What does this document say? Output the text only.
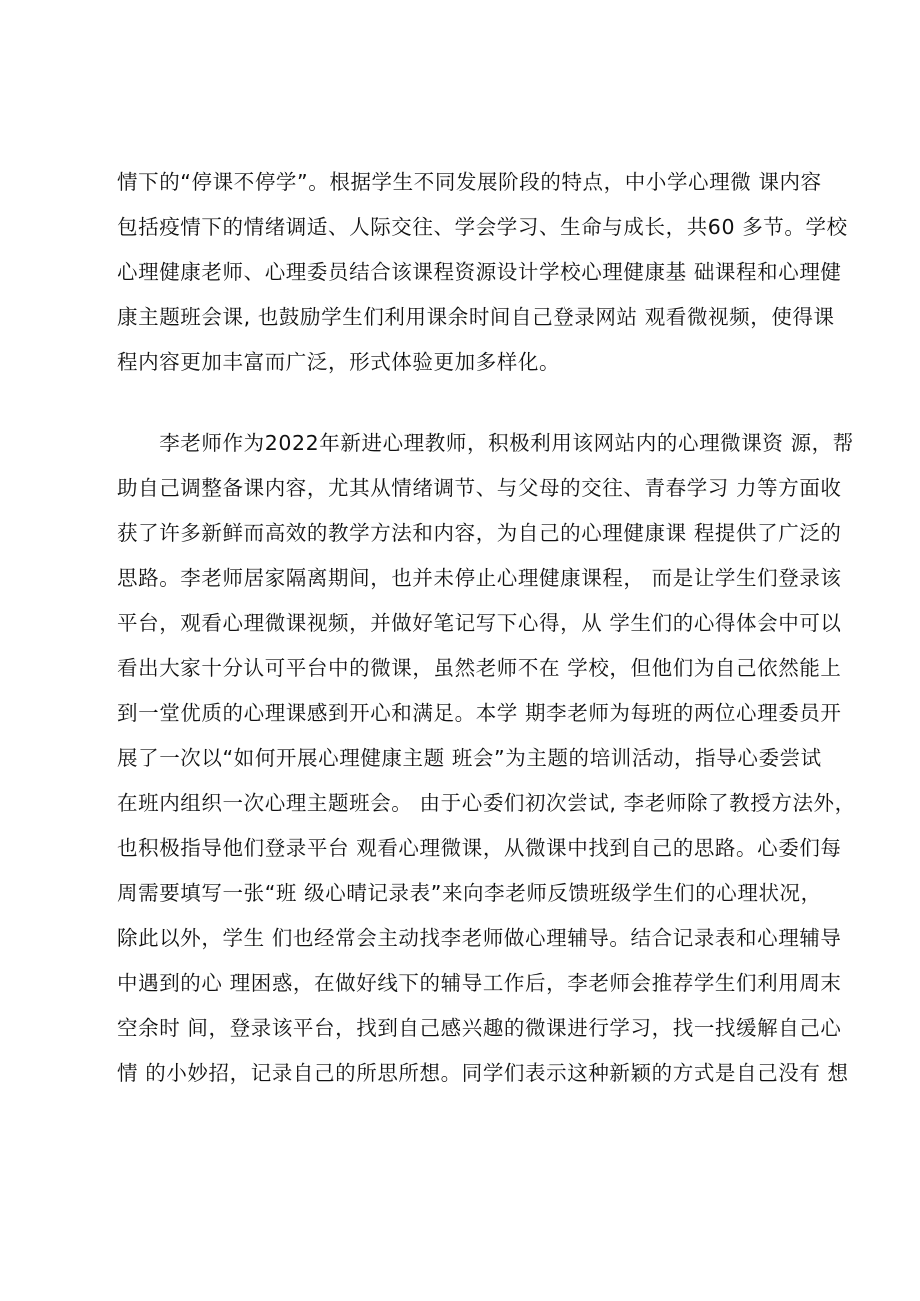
情下的“停课不停学”。根据学生不同发展阶段的特点，中小学心理微 课内容
包括疫情下的情绪调适、人际交往、学会学习、生命与成长，共60 多节。学校
心理健康老师、心理委员结合该课程资源设计学校心理健康基 础课程和心理健
康主题班会课, 也鼓励学生们利用课余时间自己登录网站 观看微视频，使得课
程内容更加丰富而广泛，形式体验更加多样化。
　　李老师作为2022年新进心理教师，积极利用该网站内的心理微课资 源，帮
助自己调整备课内容，尤其从情绪调节、与父母的交往、青春学习 力等方面收
获了许多新鲜而高效的教学方法和内容，为自己的心理健康课 程提供了广泛的
思路。李老师居家隔离期间，也并未停止心理健康课程， 而是让学生们登录该
平台，观看心理微课视频，并做好笔记写下心得，从 学生们的心得体会中可以
看出大家十分认可平台中的微课，虽然老师不在 学校，但他们为自己依然能上
到一堂优质的心理课感到开心和满足。本学 期李老师为每班的两位心理委员开
展了一次以“如何开展心理健康主题 班会”为主题的培训活动，指导心委尝试
在班内组织一次心理主题班会。 由于心委们初次尝试, 李老师除了教授方法外，
也积极指导他们登录平台 观看心理微课，从微课中找到自己的思路。心委们每
周需要填写一张“班 级心晴记录表”来向李老师反馈班级学生们的心理状况，
除此以外，学生 们也经常会主动找李老师做心理辅导。结合记录表和心理辅导
中遇到的心 理困惑，在做好线下的辅导工作后，李老师会推荐学生们利用周末
空余时 间，登录该平台，找到自己感兴趣的微课进行学习，找一找缓解自己心
情 的小妙招，记录自己的所思所想。同学们表示这种新颖的方式是自己没有 想
